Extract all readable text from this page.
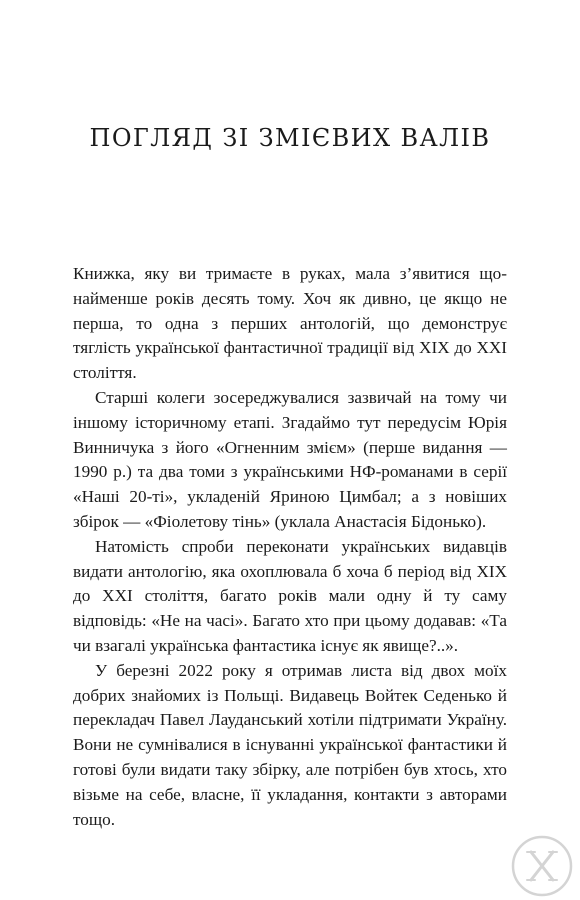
ПОГЛЯД ЗІ ЗМІЄВИХ ВАЛІВ

Книжка, яку ви тримаєте в руках, мала з’явитися щонайменше років десять тому. Хоч як дивно, це якщо не перша, то одна з перших антологій, що демонструє тяглість української фантастичної традиції від ХІХ до ХХІ століття.

Старші колеги зосереджувалися зазвичай на тому чи іншому історичному етапі. Згадаймо тут передусім Юрія Винничука з його «Огненним змієм» (перше видання — 1990 р.) та два томи з українськими НФ-романами в серії «Наші 20-ті», укладеній Яриною Цимбал; а з новіших збірок — «Фіолетову тінь» (уклала Анастасія Бідонько).

Натомість спроби переконати українських видавців видати антологію, яка охоплювала б хоча б період від ХІХ до ХХІ століття, багато років мали одну й ту саму відповідь: «Не на часі». Багато хто при цьому додавав: «Та чи взагалі українська фантастика існує як явище?..».

У березні 2022 року я отримав листа від двох моїх добрих знайомих із Польщі. Видавець Войтек Седенько й перекладач Павел Лауданський хотіли підтримати Україну. Вони не сумнівалися в існуванні української фантастики й готові були видати таку збірку, але потрібен був хтось, хто візьме на себе, власне, її укладання, контакти з авторами тощо.
